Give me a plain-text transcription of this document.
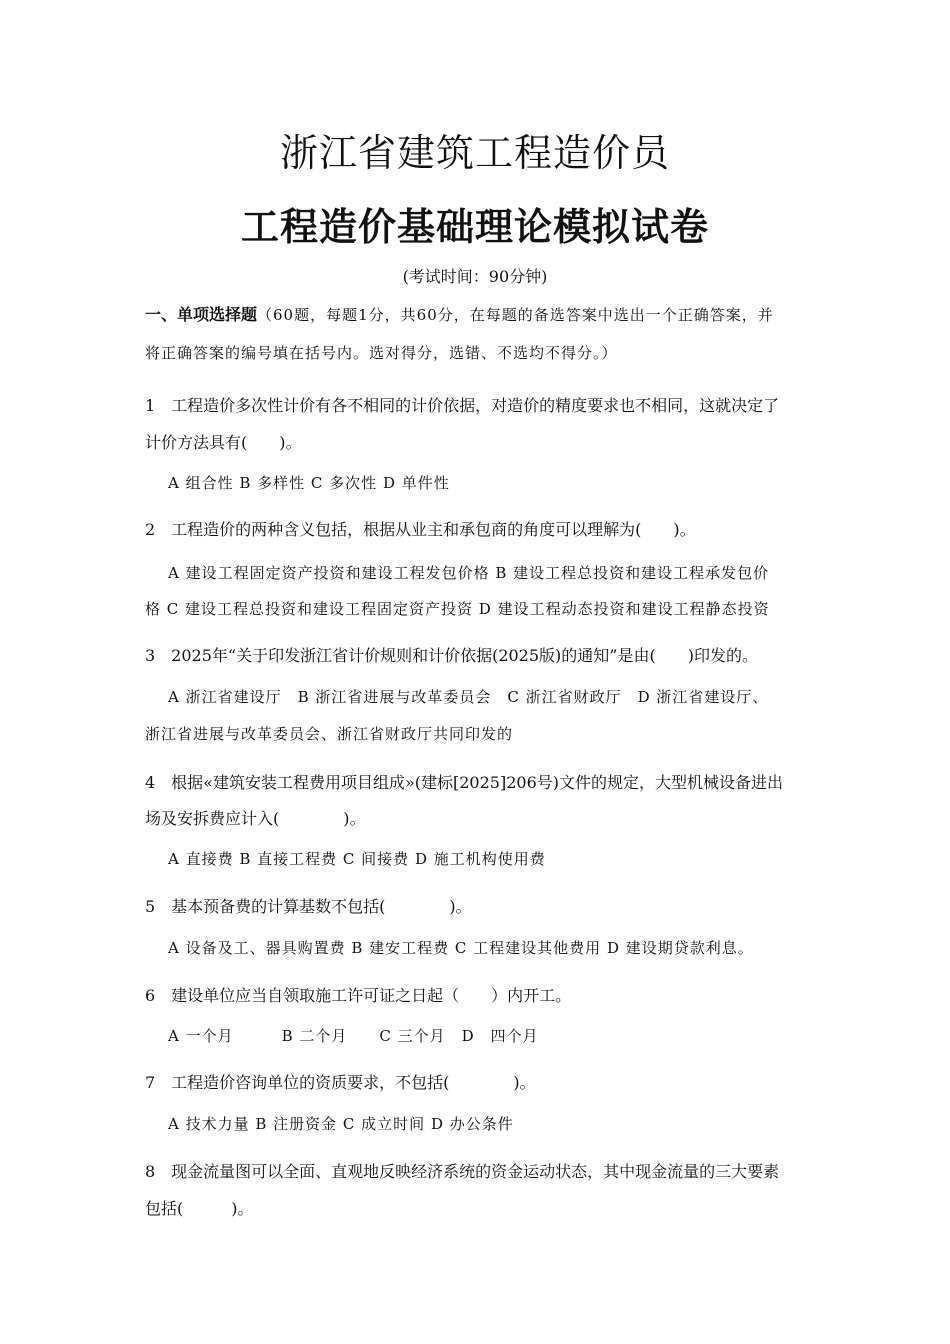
浙江省建筑工程造价员
工程造价基础理论模拟试卷
(考试时间：90分钟)
一、单项选择题（60题，每题1分，共60分，在每题的备选答案中选出一个正确答案，并
将正确答案的编号填在括号内。选对得分，选错、不选均不得分。）
1　工程造价多次性计价有各不相同的计价依据，对造价的精度要求也不相同，这就决定了
计价方法具有(　　)。
A 组合性 B 多样性 C 多次性 D 单件性
2　工程造价的两种含义包括，根据从业主和承包商的角度可以理解为(　　)。
A 建设工程固定资产投资和建设工程发包价格 B 建设工程总投资和建设工程承发包价
格 C 建设工程总投资和建设工程固定资产投资 D 建设工程动态投资和建设工程静态投资
3　2025年“关于印发浙江省计价规则和计价依据(2025版)的通知”是由(　　)印发的。
A 浙江省建设厅　B 浙江省进展与改革委员会　C 浙江省财政厅　D 浙江省建设厅、
浙江省进展与改革委员会、浙江省财政厅共同印发的
4　根据«建筑安装工程费用项目组成»(建标[2025]206号)文件的规定，大型机械设备进出
场及安拆费应计入(　　　　)。
A 直接费 B 直接工程费 C 间接费 D 施工机构使用费
5　基本预备费的计算基数不包括(　　　　)。
A 设备及工、器具购置费 B 建安工程费 C 工程建设其他费用 D 建设期贷款利息。
6　建设单位应当自领取施工许可证之日起（　　）内开工。
A 一个月　　　B 二个月　　C 三个月　D　四个月
7　工程造价咨询单位的资质要求，不包括(　　　　)。
A 技术力量 B 注册资金 C 成立时间 D 办公条件
8　现金流量图可以全面、直观地反映经济系统的资金运动状态，其中现金流量的三大要素
包括(　　　)。
